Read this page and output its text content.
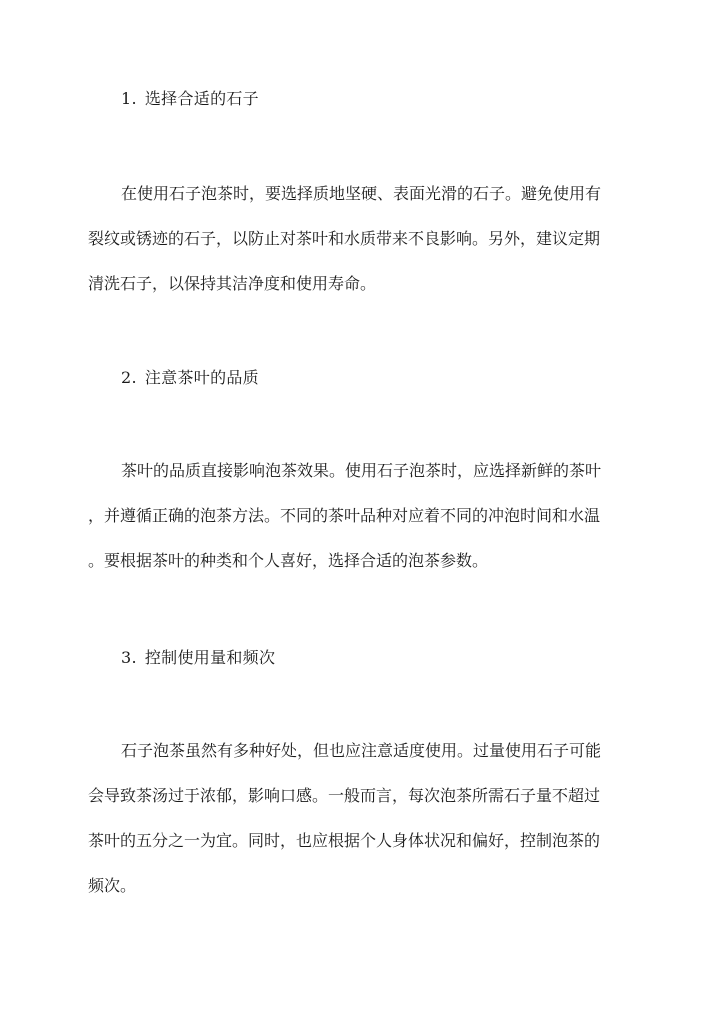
1. 选择合适的石子
在使用石子泡茶时，要选择质地坚硬、表面光滑的石子。避免使用有
裂纹或锈迹的石子，以防止对茶叶和水质带来不良影响。另外，建议定期
清洗石子，以保持其洁净度和使用寿命。
2. 注意茶叶的品质
茶叶的品质直接影响泡茶效果。使用石子泡茶时，应选择新鲜的茶叶
，并遵循正确的泡茶方法。不同的茶叶品种对应着不同的冲泡时间和水温
。要根据茶叶的种类和个人喜好，选择合适的泡茶参数。
3. 控制使用量和频次
石子泡茶虽然有多种好处，但也应注意适度使用。过量使用石子可能
会导致茶汤过于浓郁，影响口感。一般而言，每次泡茶所需石子量不超过
茶叶的五分之一为宜。同时，也应根据个人身体状况和偏好，控制泡茶的
频次。
